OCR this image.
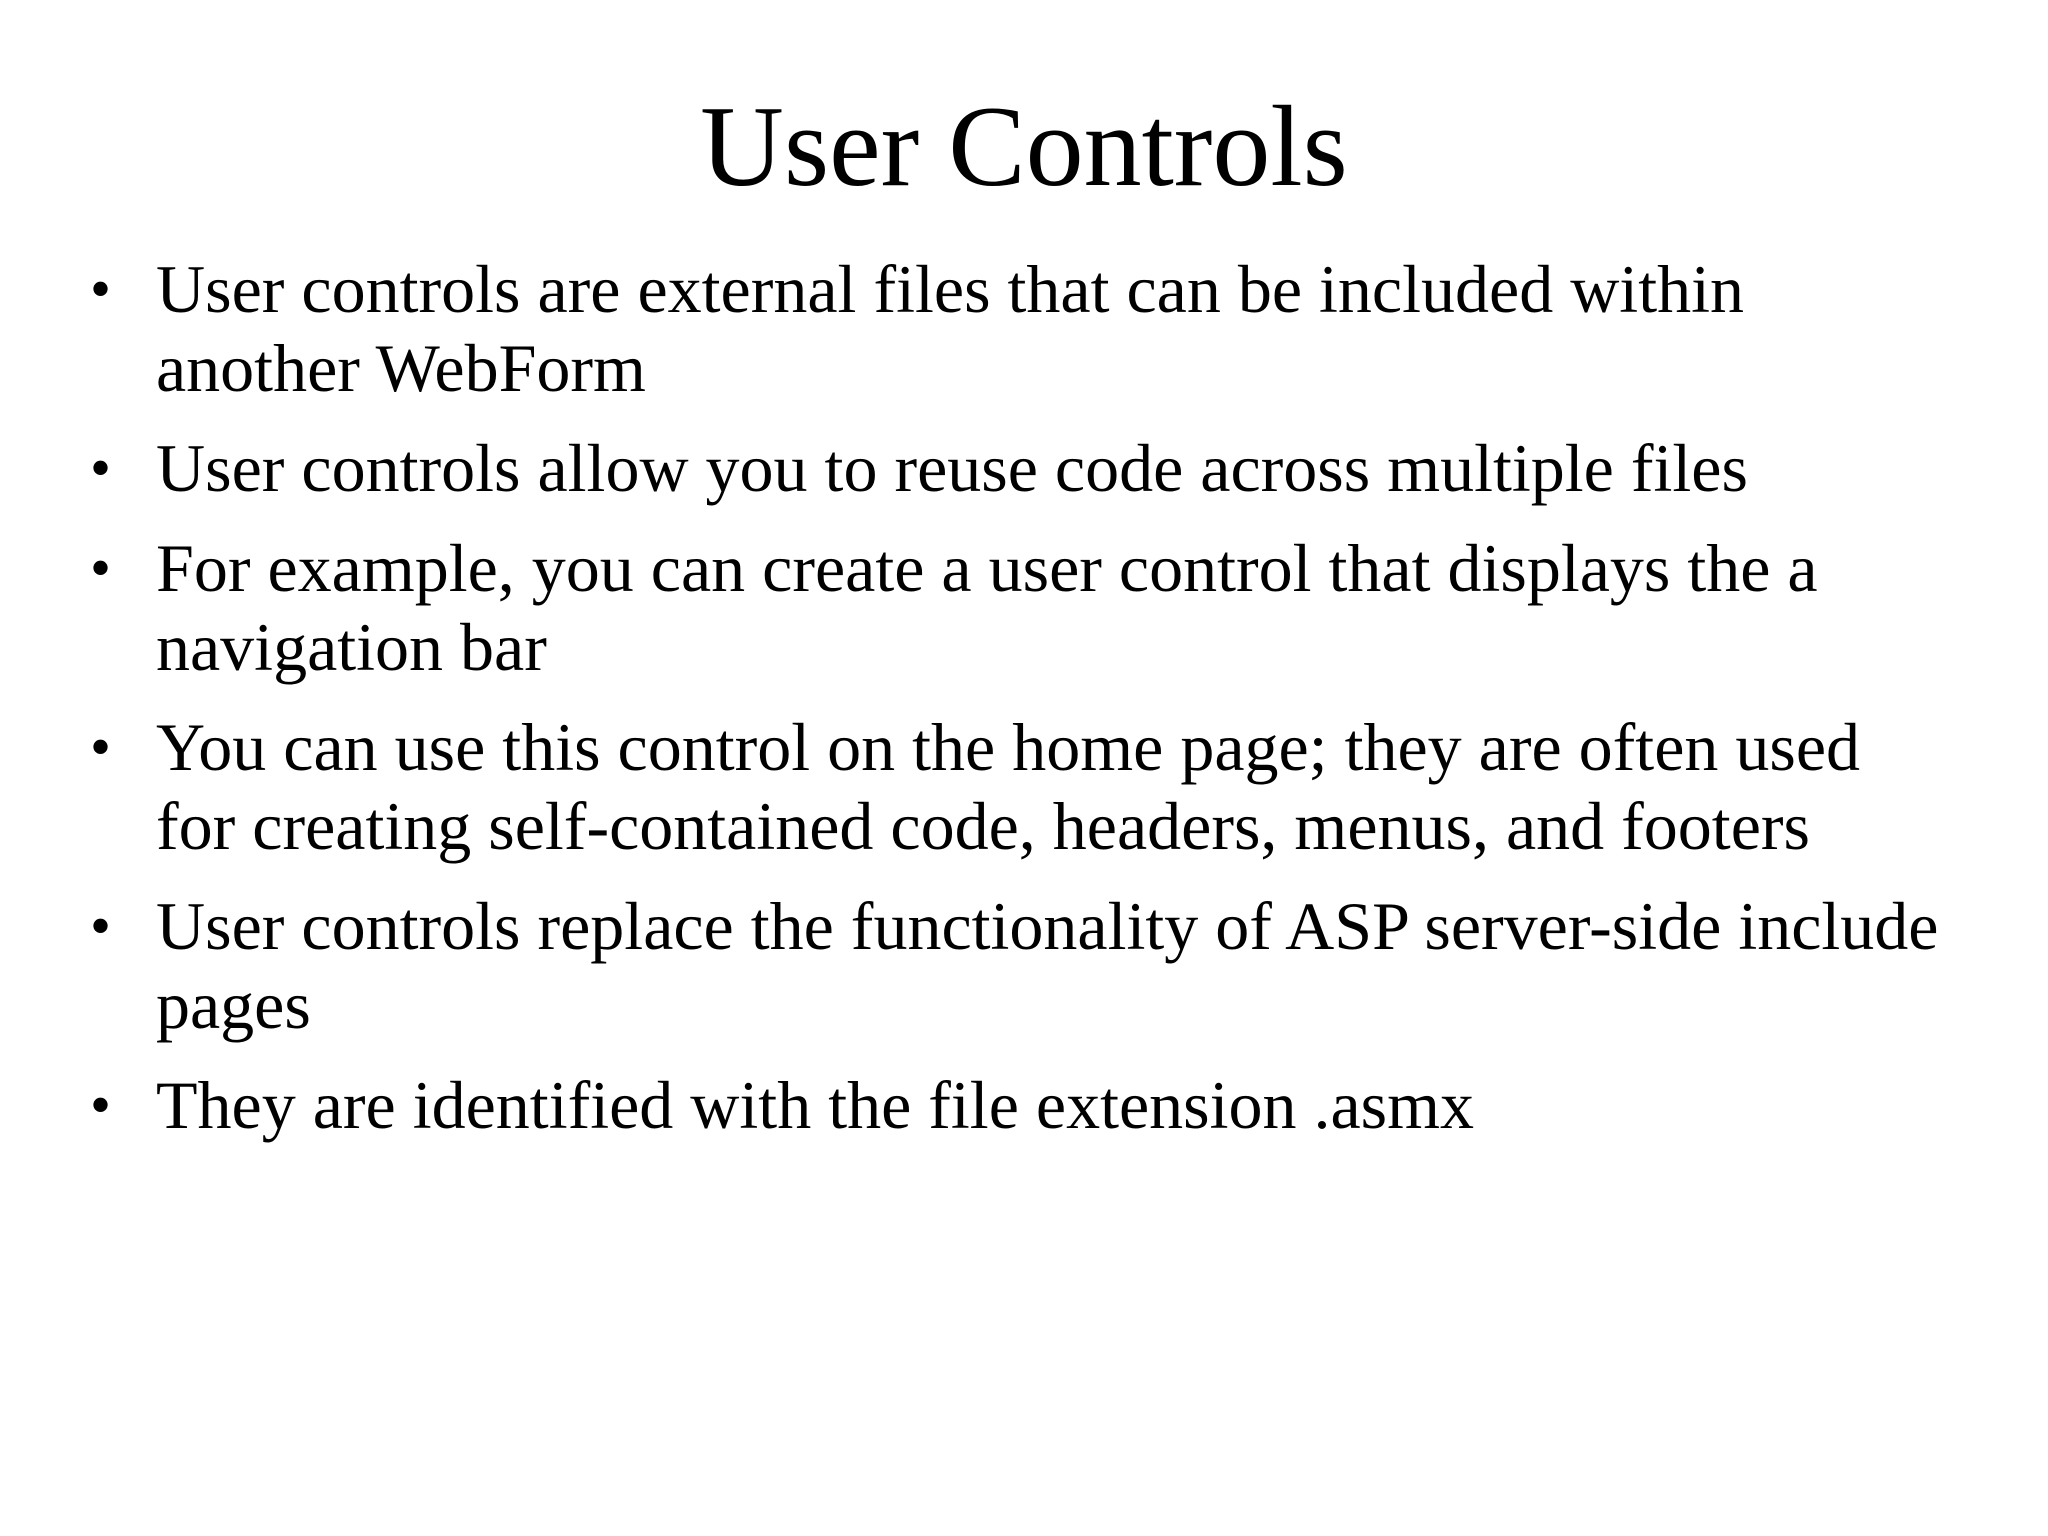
User Controls
• User controls are external files that can be included within another WebForm
• User controls allow you to reuse code across multiple files
• For example, you can create a user control that displays the a navigation bar
• You can use this control on the home page; they are often used for creating self-contained code, headers, menus, and footers
• User controls replace the functionality of ASP server-side include pages
• They are identified with the file extension .asmx
